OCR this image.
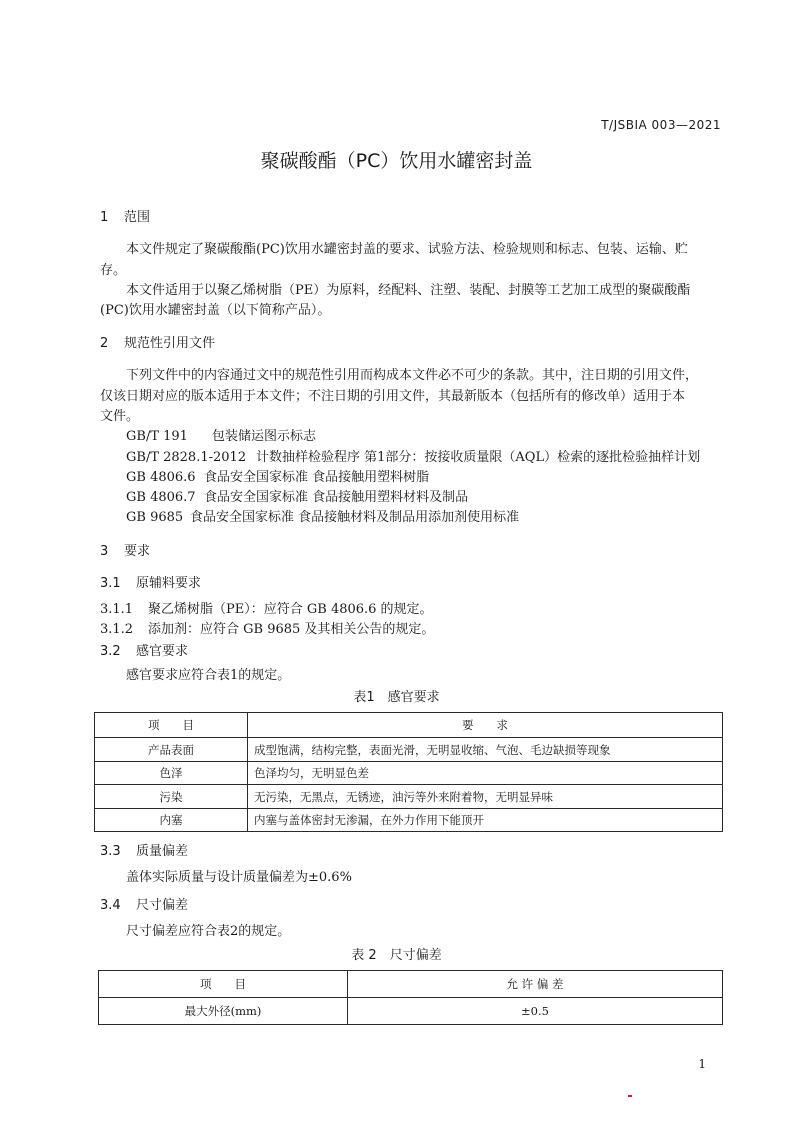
T/JSBIA 003—2021
聚碳酸酯（PC）饮用水罐密封盖
1 范围
本文件规定了聚碳酸酯(PC)饮用水罐密封盖的要求、试验方法、检验规则和标志、包装、运输、贮
存。
本文件适用于以聚乙烯树脂（PE）为原料，经配料、注塑、装配、封膜等工艺加工成型的聚碳酸酯
(PC)饮用水罐密封盖（以下简称产品）。
2 规范性引用文件
下列文件中的内容通过文中的规范性引用而构成本文件必不可少的条款。其中，注日期的引用文件，
仅该日期对应的版本适用于本文件；不注日期的引用文件，其最新版本（包括所有的修改单）适用于本
文件。
GB/T 191 包装储运图示标志
GB/T 2828.1-2012 计数抽样检验程序 第1部分：按接收质量限（AQL）检索的逐批检验抽样计划
GB 4806.6 食品安全国家标准 食品接触用塑料树脂
GB 4806.7 食品安全国家标准 食品接触用塑料材料及制品
GB 9685 食品安全国家标准 食品接触材料及制品用添加剂使用标准
3 要求
3.1 原辅料要求
3.1.1 聚乙烯树脂（PE）：应符合 GB 4806.6 的规定。
3.1.2 添加剂：应符合 GB 9685 及其相关公告的规定。
3.2 感官要求
感官要求应符合表1的规定。
表1　感官要求
项　　目	要　　求
产品表面	成型饱满，结构完整，表面光滑，无明显收缩、气泡、毛边缺损等现象
色泽	色泽均匀，无明显色差
污染	无污染，无黑点，无锈迹，油污等外来附着物，无明显异味
内塞	内塞与盖体密封无渗漏，在外力作用下能顶开
3.3 质量偏差
盖体实际质量与设计质量偏差为±0.6%
3.4 尺寸偏差
尺寸偏差应符合表2的规定。
表 2　尺寸偏差
项　　目	允 许 偏 差
最大外径(mm)	±0.5
1
